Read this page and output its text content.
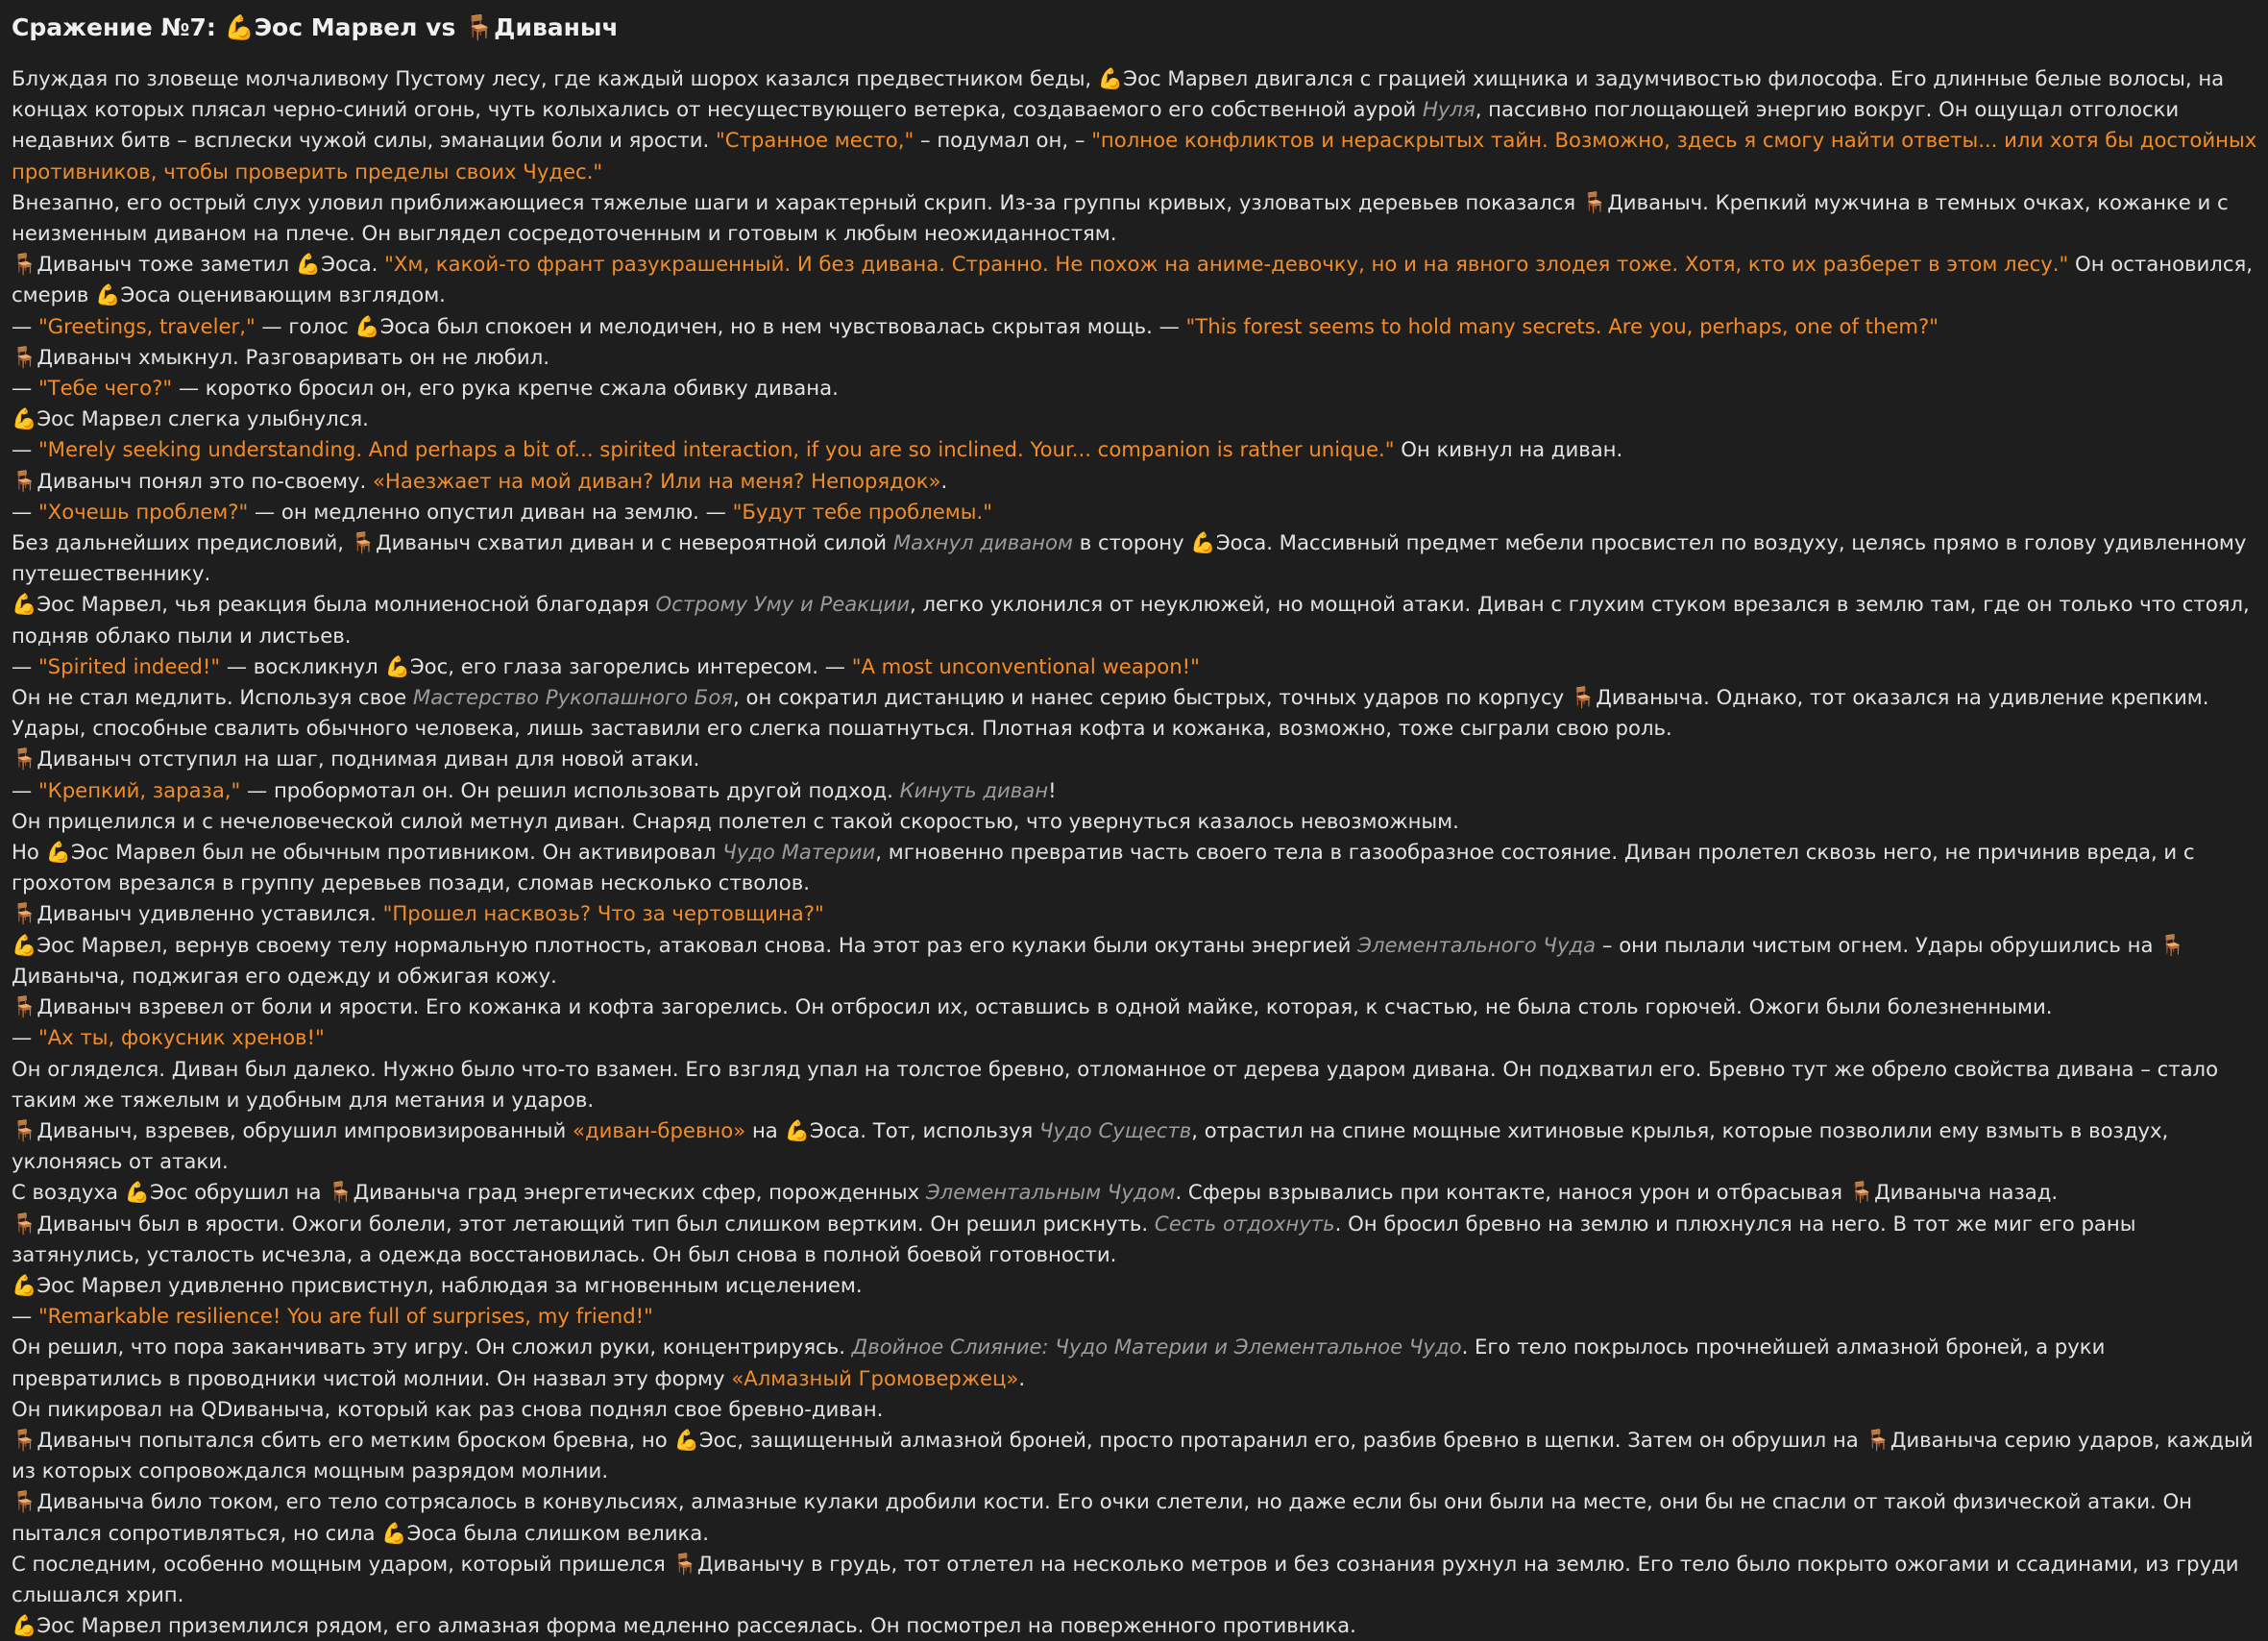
Сражение №7: 💪Эос Марвел vs 🪑Диваныч

Блуждая по зловеще молчаливому Пустому лесу, где каждый шорох казался предвестником беды, 💪Эос Марвел двигался с грацией хищника и задумчивостью философа. Его длинные белые волосы, на концах которых плясал черно-синий огонь, чуть колыхались от несуществующего ветерка, создаваемого его собственной аурой Нуля, пассивно поглощающей энергию вокруг. Он ощущал отголоски недавних битв – всплески чужой силы, эманации боли и ярости. "Странное место," – подумал он, – "полное конфликтов и нераскрытых тайн. Возможно, здесь я смогу найти ответы... или хотя бы достойных противников, чтобы проверить пределы своих Чудес."

Внезапно, его острый слух уловил приближающиеся тяжелые шаги и характерный скрип. Из-за группы кривых, узловатых деревьев показался 🪑Диваныч. Крепкий мужчина в темных очках, кожанке и с неизменным диваном на плече. Он выглядел сосредоточенным и готовым к любым неожиданностям.

🪑Диваныч тоже заметил 💪Эоса. "Хм, какой-то франт разукрашенный. И без дивана. Странно. Не похож на аниме-девочку, но и на явного злодея тоже. Хотя, кто их разберет в этом лесу." Он остановился, смерив 💪Эоса оценивающим взглядом.

— "Greetings, traveler," — голос 💪Эоса был спокоен и мелодичен, но в нем чувствовалась скрытая мощь. — "This forest seems to hold many secrets. Are you, perhaps, one of them?"

🪑Диваныч хмыкнул. Разговаривать он не любил.

— "Тебе чего?" — коротко бросил он, его рука крепче сжала обивку дивана.

💪Эос Марвел слегка улыбнулся.

— "Merely seeking understanding. And perhaps a bit of... spirited interaction, if you are so inclined. Your... companion is rather unique." Он кивнул на диван.

🪑Диваныч понял это по-своему. «Наезжает на мой диван? Или на меня? Непорядок».

— "Хочешь проблем?" — он медленно опустил диван на землю. — "Будут тебе проблемы."

Без дальнейших предисловий, 🪑Диваныч схватил диван и с невероятной силой Махнул диваном в сторону 💪Эоса. Массивный предмет мебели просвистел по воздуху, целясь прямо в голову удивленному путешественнику.

💪Эос Марвел, чья реакция была молниеносной благодаря Острому Уму и Реакции, легко уклонился от неуклюжей, но мощной атаки. Диван с глухим стуком врезался в землю там, где он только что стоял, подняв облако пыли и листьев.

— "Spirited indeed!" — воскликнул 💪Эос, его глаза загорелись интересом. — "A most unconventional weapon!"

Он не стал медлить. Используя свое Мастерство Рукопашного Боя, он сократил дистанцию и нанес серию быстрых, точных ударов по корпусу 🪑Диваныча. Однако, тот оказался на удивление крепким. Удары, способные свалить обычного человека, лишь заставили его слегка пошатнуться. Плотная кофта и кожанка, возможно, тоже сыграли свою роль.

🪑Диваныч отступил на шаг, поднимая диван для новой атаки.

— "Крепкий, зараза," — пробормотал он. Он решил использовать другой подход. Кинуть диван!

Он прицелился и с нечеловеческой силой метнул диван. Снаряд полетел с такой скоростью, что увернуться казалось невозможным.

Но 💪Эос Марвел был не обычным противником. Он активировал Чудо Материи, мгновенно превратив часть своего тела в газообразное состояние. Диван пролетел сквозь него, не причинив вреда, и с грохотом врезался в группу деревьев позади, сломав несколько стволов.

🪑Диваныч удивленно уставился. "Прошел насквозь? Что за чертовщина?"

💪Эос Марвел, вернув своему телу нормальную плотность, атаковал снова. На этот раз его кулаки были окутаны энергией Элементального Чуда – они пылали чистым огнем. Удары обрушились на 🪑Диваныча, поджигая его одежду и обжигая кожу.

🪑Диваныч взревел от боли и ярости. Его кожанка и кофта загорелись. Он отбросил их, оставшись в одной майке, которая, к счастью, не была столь горючей. Ожоги были болезненными.

— "Ах ты, фокусник хренов!"

Он огляделся. Диван был далеко. Нужно было что-то взамен. Его взгляд упал на толстое бревно, отломанное от дерева ударом дивана. Он подхватил его. Бревно тут же обрело свойства дивана – стало таким же тяжелым и удобным для метания и ударов.

🪑Диваныч, взревев, обрушил импровизированный «диван-бревно» на 💪Эоса. Тот, используя Чудо Существ, отрастил на спине мощные хитиновые крылья, которые позволили ему взмыть в воздух, уклоняясь от атаки.

С воздуха 💪Эос обрушил на 🪑Диваныча град энергетических сфер, порожденных Элементальным Чудом. Сферы взрывались при контакте, нанося урон и отбрасывая 🪑Диваныча назад.

🪑Диваныч был в ярости. Ожоги болели, этот летающий тип был слишком вертким. Он решил рискнуть. Сесть отдохнуть. Он бросил бревно на землю и плюхнулся на него. В тот же миг его раны затянулись, усталость исчезла, а одежда восстановилась. Он был снова в полной боевой готовности.

💪Эос Марвел удивленно присвистнул, наблюдая за мгновенным исцелением.

— "Remarkable resilience! You are full of surprises, my friend!"

Он решил, что пора заканчивать эту игру. Он сложил руки, концентрируясь. Двойное Слияние: Чудо Материи и Элементальное Чудо. Его тело покрылось прочнейшей алмазной броней, а руки превратились в проводники чистой молнии. Он назвал эту форму «Алмазный Громовержец».

Он пикировал на QDиваныча, который как раз снова поднял свое бревно-диван.

🪑Диваныч попытался сбить его метким броском бревна, но 💪Эос, защищенный алмазной броней, просто протаранил его, разбив бревно в щепки. Затем он обрушил на 🪑Диваныча серию ударов, каждый из которых сопровождался мощным разрядом молнии.

🪑Диваныча било током, его тело сотрясалось в конвульсиях, алмазные кулаки дробили кости. Его очки слетели, но даже если бы они были на месте, они бы не спасли от такой физической атаки. Он пытался сопротивляться, но сила 💪Эоса была слишком велика.

С последним, особенно мощным ударом, который пришелся 🪑Диванычу в грудь, тот отлетел на несколько метров и без сознания рухнул на землю. Его тело было покрыто ожогами и ссадинами, из груди слышался хрип.

💪Эос Марвел приземлился рядом, его алмазная форма медленно рассеялась. Он посмотрел на поверженного противника.
